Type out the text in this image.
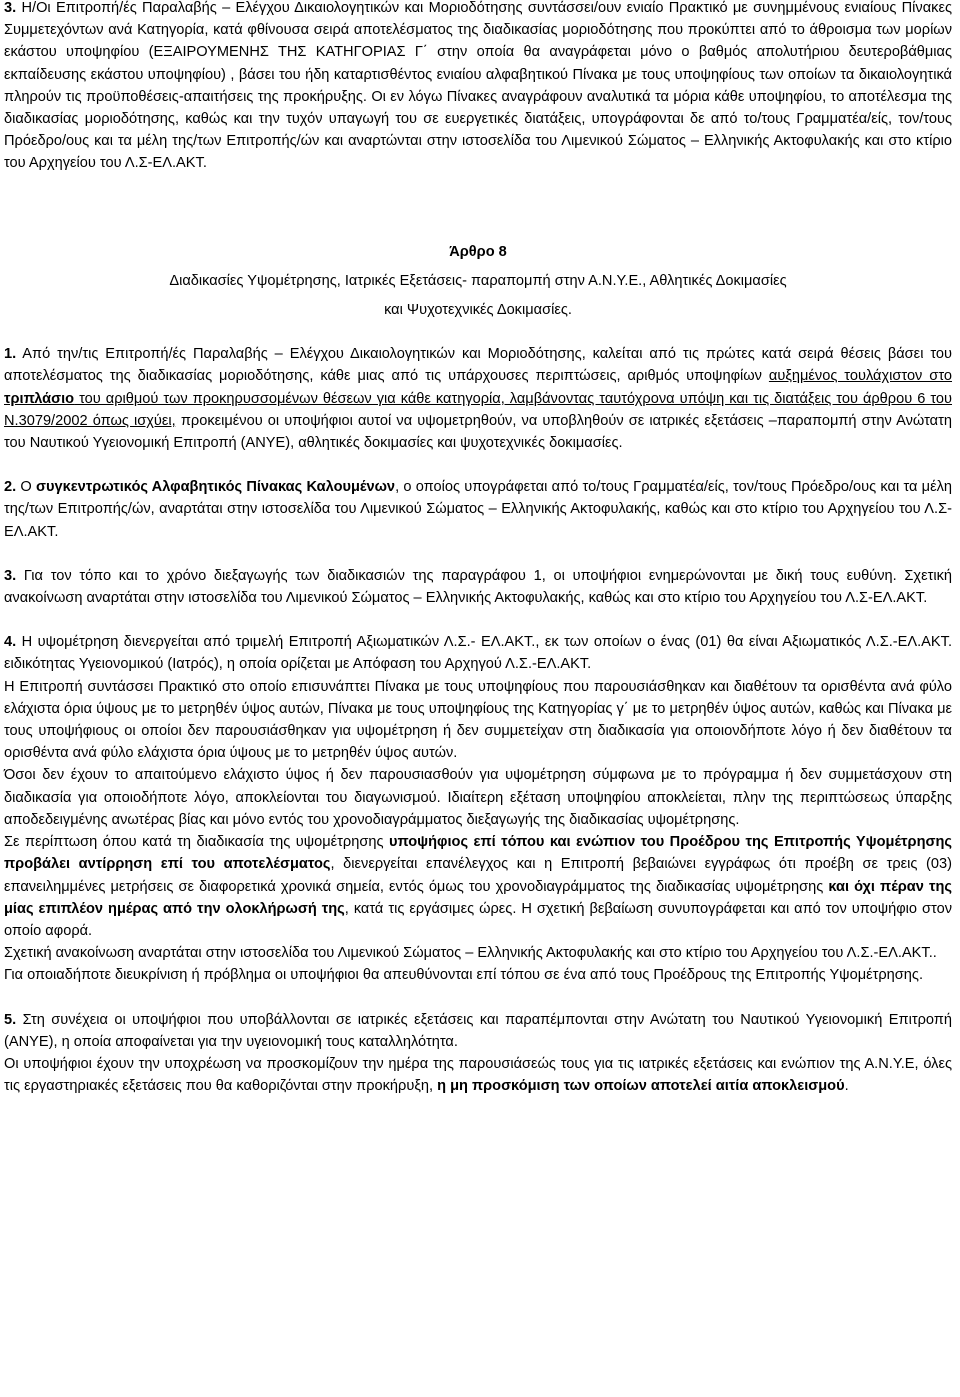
3. Η/Οι Επιτροπή/ές Παραλαβής – Ελέγχου Δικαιολογητικών και Μοριοδότησης συντάσσει/ουν ενιαίο Πρακτικό με συνημμένους ενιαίους Πίνακες Συμμετεχόντων ανά Κατηγορία, κατά φθίνουσα σειρά αποτελέσματος της διαδικασίας μοριοδότησης που προκύπτει από το άθροισμα των μορίων εκάστου υποψηφίου (ΕΞΑΙΡΟΥΜΕΝΗΣ ΤΗΣ ΚΑΤΗΓΟΡΙΑΣ Γ΄ στην οποία θα αναγράφεται μόνο ο βαθμός απολυτήριου δευτεροβάθμιας εκπαίδευσης εκάστου υποψηφίου) , βάσει του ήδη καταρτισθέντος ενιαίου αλφαβητικού Πίνακα με τους υποψηφίους των οποίων τα δικαιολογητικά πληρούν τις προϋποθέσεις-απαιτήσεις της προκήρυξης. Οι εν λόγω Πίνακες αναγράφουν αναλυτικά τα μόρια κάθε υποψηφίου, το αποτέλεσμα της διαδικασίας μοριοδότησης, καθώς και την τυχόν υπαγωγή του σε ευεργετικές διατάξεις, υπογράφονται δε από το/τους Γραμματέα/είς, τον/τους Πρόεδρο/ους και τα μέλη της/των Επιτροπής/ών και αναρτώνται στην ιστοσελίδα του Λιμενικού Σώματος – Ελληνικής Ακτοφυλακής και στο κτίριο του Αρχηγείου του Λ.Σ-ΕΛ.ΑΚΤ.

Άρθρο 8

Διαδικασίες Υψομέτρησης, Ιατρικές Εξετάσεις- παραπομπή στην Α.Ν.Υ.Ε., Αθλητικές Δοκιμασίες

και Ψυχοτεχνικές Δοκιμασίες.

1. Από την/τις Επιτροπή/ές Παραλαβής – Ελέγχου Δικαιολογητικών και Μοριοδότησης, καλείται από τις πρώτες κατά σειρά θέσεις βάσει του αποτελέσματος της διαδικασίας μοριοδότησης, κάθε μιας από τις υπάρχουσες περιπτώσεις, αριθμός υποψηφίων αυξημένος τουλάχιστον στο τριπλάσιο του αριθμού των προκηρυσσομένων θέσεων για κάθε κατηγορία, λαμβάνοντας ταυτόχρονα υπόψη και τις διατάξεις του άρθρου 6 του Ν.3079/2002 όπως ισχύει, προκειμένου οι υποψήφιοι αυτοί να υψομετρηθούν, να υποβληθούν σε ιατρικές εξετάσεις –παραπομπή στην Ανώτατη του Ναυτικού Υγειονομική Επιτροπή (ΑΝΥΕ), αθλητικές δοκιμασίες και ψυχοτεχνικές δοκιμασίες.

2. Ο συγκεντρωτικός Αλφαβητικός Πίνακας Καλουμένων, ο οποίος υπογράφεται από το/τους Γραμματέα/είς, τον/τους Πρόεδρο/ους και τα μέλη της/των Επιτροπής/ών, αναρτάται στην ιστοσελίδα του Λιμενικού Σώματος – Ελληνικής Ακτοφυλακής, καθώς και στο κτίριο του Αρχηγείου του Λ.Σ-ΕΛ.ΑΚΤ.

3. Για τον τόπο και το χρόνο διεξαγωγής των διαδικασιών της παραγράφου 1, οι υποψήφιοι ενημερώνονται με δική τους ευθύνη. Σχετική ανακοίνωση αναρτάται στην ιστοσελίδα του Λιμενικού Σώματος – Ελληνικής Ακτοφυλακής, καθώς και στο κτίριο του Αρχηγείου του Λ.Σ-ΕΛ.ΑΚΤ.

4. Η υψομέτρηση διενεργείται από τριμελή Επιτροπή Αξιωματικών Λ.Σ.- ΕΛ.ΑΚΤ., εκ των οποίων ο ένας (01) θα είναι Αξιωματικός Λ.Σ.-ΕΛ.ΑΚΤ. ειδικότητας Υγειονομικού (Ιατρός), η οποία ορίζεται με Απόφαση του Αρχηγού Λ.Σ.-ΕΛ.ΑΚΤ.

Η Επιτροπή συντάσσει Πρακτικό στο οποίο επισυνάπτει Πίνακα με τους υποψηφίους που παρουσιάσθηκαν και διαθέτουν τα ορισθέντα ανά φύλο ελάχιστα όρια ύψους με το μετρηθέν ύψος αυτών, Πίνακα με τους υποψηφίους της Κατηγορίας γ΄ με το μετρηθέν ύψος αυτών, καθώς και Πίνακα με τους υποψήφιους οι οποίοι δεν παρουσιάσθηκαν για υψομέτρηση ή δεν συμμετείχαν στη διαδικασία για οποιονδήποτε λόγο ή δεν διαθέτουν τα ορισθέντα ανά φύλο ελάχιστα όρια ύψους με το μετρηθέν ύψος αυτών.

Όσοι δεν έχουν το απαιτούμενο ελάχιστο ύψος ή δεν παρουσιασθούν για υψομέτρηση σύμφωνα με το πρόγραμμα ή δεν συμμετάσχουν στη διαδικασία για οποιοδήποτε λόγο, αποκλείονται του διαγωνισμού. Ιδιαίτερη εξέταση υποψηφίου αποκλείεται, πλην της περιπτώσεως ύπαρξης αποδεδειγμένης ανωτέρας βίας και μόνο εντός του χρονοδιαγράμματος διεξαγωγής της διαδικασίας υψομέτρησης.

Σε περίπτωση όπου κατά τη διαδικασία της υψομέτρησης υποψήφιος επί τόπου και ενώπιον του Προέδρου της Επιτροπής Υψομέτρησης προβάλει αντίρρηση επί του αποτελέσματος, διενεργείται επανέλεγχος και η Επιτροπή βεβαιώνει εγγράφως ότι προέβη σε τρεις (03) επανειλημμένες μετρήσεις σε διαφορετικά χρονικά σημεία, εντός όμως του χρονοδιαγράμματος της διαδικασίας υψομέτρησης και όχι πέραν της μίας επιπλέον ημέρας από την ολοκλήρωσή της, κατά τις εργάσιμες ώρες. Η σχετική βεβαίωση συνυπογράφεται και από τον υποψήφιο στον οποίο αφορά.

Σχετική ανακοίνωση αναρτάται στην ιστοσελίδα του Λιμενικού Σώματος – Ελληνικής Ακτοφυλακής και στο κτίριο του Αρχηγείου του Λ.Σ.-ΕΛ.ΑΚΤ..

Για οποιαδήποτε διευκρίνιση ή πρόβλημα οι υποψήφιοι θα απευθύνονται επί τόπου σε ένα από τους Προέδρους της Επιτροπής Υψομέτρησης.

5. Στη συνέχεια οι υποψήφιοι που υποβάλλονται σε ιατρικές εξετάσεις και παραπέμπονται στην Ανώτατη του Ναυτικού Υγειονομική Επιτροπή (ΑΝΥΕ), η οποία αποφαίνεται για την υγειονομική τους καταλληλότητα.

Οι υποψήφιοι έχουν την υποχρέωση να προσκομίζουν την ημέρα της παρουσιάσεώς τους για τις ιατρικές εξετάσεις και ενώπιον της Α.Ν.Υ.Ε, όλες τις εργαστηριακές εξετάσεις που θα καθοριζόνται στην προκήρυξη, η μη προσκόμιση των οποίων αποτελεί αιτία αποκλεισμού.
